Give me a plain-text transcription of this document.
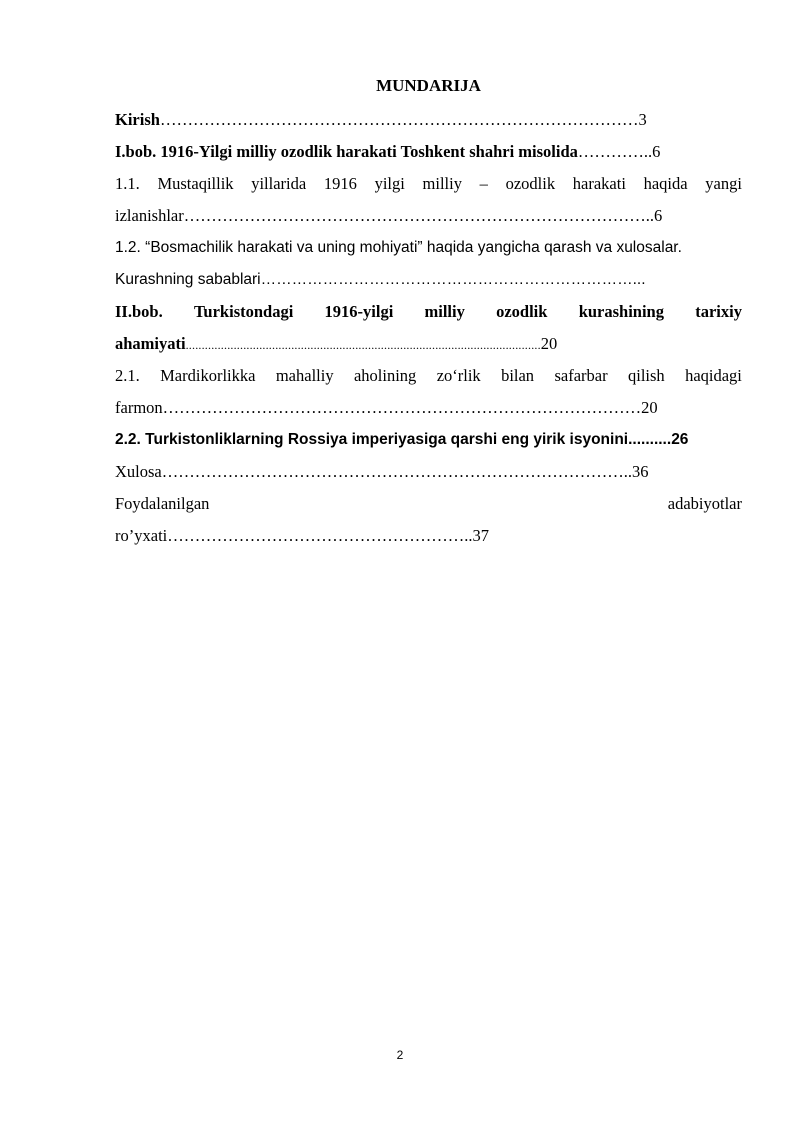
MUNDARIJA
Kirish……………………………………………………………………………3
I.bob. 1916-Yilgi milliy ozodlik harakati Toshkent shahri misolida…………..6
1.1. Mustaqillik yillarida 1916 yilgi milliy – ozodlik harakati haqida yangi
izlanishlar…………………………………………………………………………..6
1.2. “Bosmachilik harakati va uning mohiyati” haqida yangicha qarash va xulosalar.
Kurashning sabablari………………………………………………………………...
II.bob. Turkistondagi 1916-yilgi milliy ozodlik kurashining tarixiy
ahamiyati...............................................................................................................20
2.1. Mardikorlikka mahalliy aholining zo‘rlik bilan safarbar qilish haqidagi
farmon……………………………………………………………………………20
2.2. Turkistonliklarning Rossiya imperiyasiga qarshi eng yirik isyonini..........26
Xulosa…………………………………………………………………………..36
Foydalanilgan	adabiyotlar
ro’yxati………………………………………………..37
2
